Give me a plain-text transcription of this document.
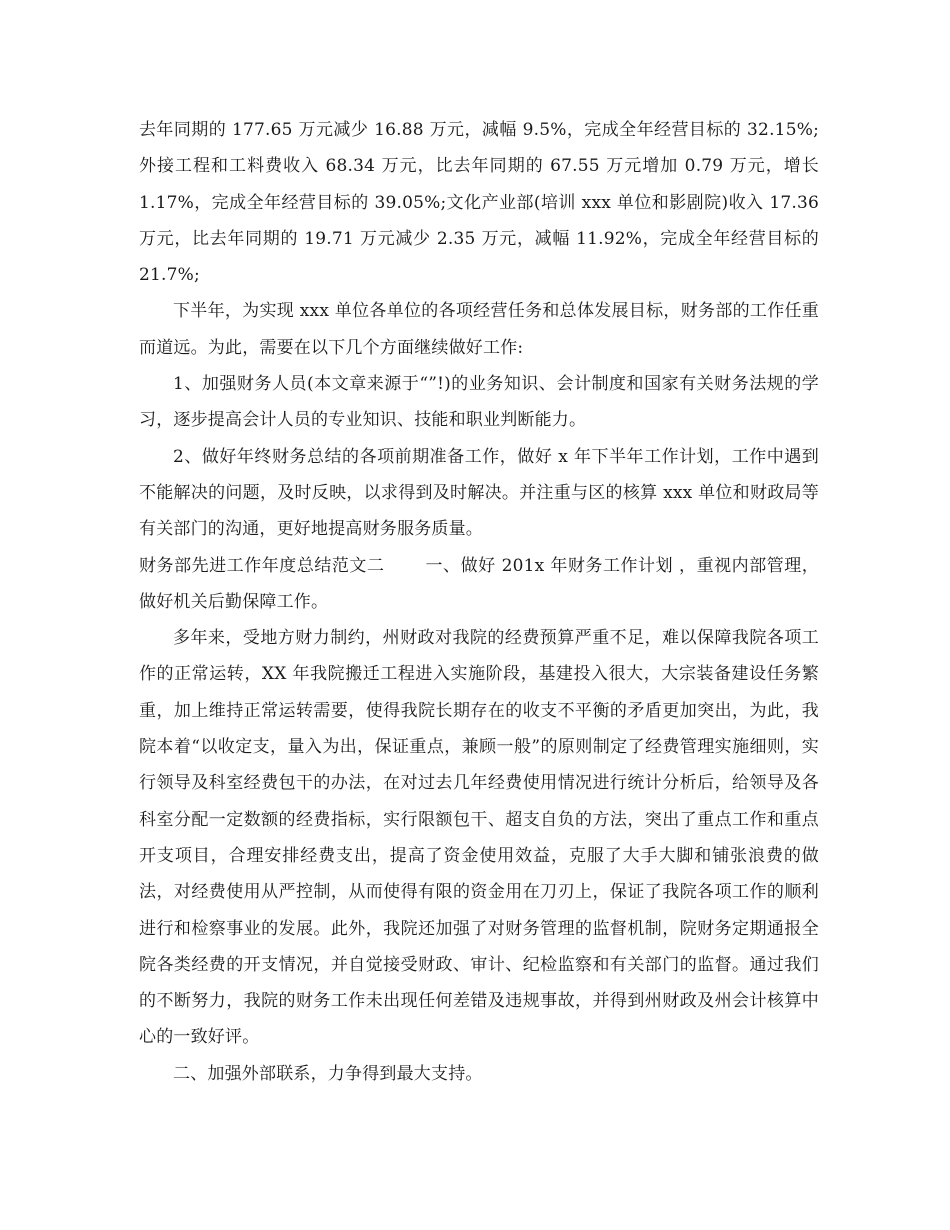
去年同期的 177.65 万元减少 16.88 万元，减幅 9.5%，完成全年经营目标的 32.15%;外接工程和工料费收入 68.34 万元，比去年同期的 67.55 万元增加 0.79 万元，增长 1.17%，完成全年经营目标的 39.05%;文化产业部(培训 xxx 单位和影剧院)收入 17.36 万元，比去年同期的 19.71 万元减少 2.35 万元，减幅 11.92%，完成全年经营目标的 21.7%;

下半年，为实现 xxx 单位各单位的各项经营任务和总体发展目标，财务部的工作任重而道远。为此，需要在以下几个方面继续做好工作:

1、加强财务人员(本文章来源于“”!)的业务知识、会计制度和国家有关财务法规的学习，逐步提高会计人员的专业知识、技能和职业判断能力。

2、做好年终财务总结的各项前期准备工作，做好 x 年下半年工作计划，工作中遇到不能解决的问题，及时反映，以求得到及时解决。并注重与区的核算 xxx 单位和财政局等有关部门的沟通，更好地提高财务服务质量。

财务部先进工作年度总结范文二　　 一、做好 201x 年财务工作计划 ，重视内部管理，做好机关后勤保障工作。

多年来，受地方财力制约，州财政对我院的经费预算严重不足，难以保障我院各项工作的正常运转，XX 年我院搬迁工程进入实施阶段，基建投入很大，大宗装备建设任务繁重，加上维持正常运转需要，使得我院长期存在的收支不平衡的矛盾更加突出，为此，我院本着“以收定支，量入为出，保证重点，兼顾一般”的原则制定了经费管理实施细则，实行领导及科室经费包干的办法，在对过去几年经费使用情况进行统计分析后，给领导及各科室分配一定数额的经费指标，实行限额包干、超支自负的方法，突出了重点工作和重点开支项目，合理安排经费支出，提高了资金使用效益，克服了大手大脚和铺张浪费的做法，对经费使用从严控制，从而使得有限的资金用在刀刃上，保证了我院各项工作的顺利进行和检察事业的发展。此外，我院还加强了对财务管理的监督机制，院财务定期通报全院各类经费的开支情况，并自觉接受财政、审计、纪检监察和有关部门的监督。通过我们的不断努力，我院的财务工作未出现任何差错及违规事故，并得到州财政及州会计核算中心的一致好评。

二、加强外部联系，力争得到最大支持。
